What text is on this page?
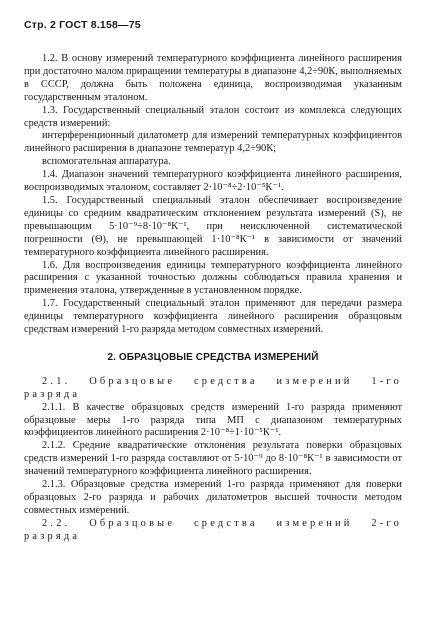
Стр. 2 ГОСТ 8.158—75

1.2. В основу измерений температурного коэффициента линейного расширения при достаточно малом приращении температуры в диапазоне 4,2÷90К, выполняемых в СССР, должна быть положена единица, воспроизводимая указанным государственным эталоном.

1.3. Государственный специальный эталон состоит из комплекса следующих средств измерений:

интерференционный дилатометр для измерений температурных коэффициентов линейного расширения в диапазоне температур 4,2÷90К;

вспомогательная аппаратура.

1.4. Диапазон значений температурного коэффициента линейного расширения, воспроизводимых эталоном, составляет 2·10⁻⁸÷2·10⁻⁵К⁻¹.

1.5. Государственный специальный эталон обеспечивает воспроизведение единицы со средним квадратическим отклонением результата измерений (S), не превышающим 5·10⁻⁹÷8·10⁻⁸К⁻¹, при неисключенной систематической погрешности (Θ), не превышающей 1·10⁻⁸К⁻¹ в зависимости от значений температурного коэффициента линейного расширения.

1.6. Для воспроизведения единицы температурного коэффициента линейного расширения с указанной точностью должны соблюдаться правила хранения и применения эталона, утвержденные в установленном порядке.

1.7. Государственный специальный эталон применяют для передачи размера единицы температурного коэффициента линейного расширения образцовым средствам измерений 1-го разряда методом совместных измерений.

2. ОБРАЗЦОВЫЕ СРЕДСТВА ИЗМЕРЕНИЙ

2.1. Образцовые средства измерений 1-го разряда

2.1.1. В качестве образцовых средств измерений 1-го разряда применяют образцовые меры 1-го разряда типа МП с диапазоном температурных коэффициентов линейного расширения 2·10⁻⁸÷1·10⁻⁵К⁻¹.

2.1.2. Средние квадратические отклонения результата поверки образцовых средств измерений 1-го разряда составляют от 5·10⁻⁹ до 8·10⁻⁸К⁻¹ в зависимости от значений температурного коэффициента линейного расширения.

2.1.3. Образцовые средства измерений 1-го разряда применяют для поверки образцовых 2-го разряда и рабочих дилатометров высшей точности методом совместных измерений.

2.2. Образцовые средства измерений 2-го разряда
